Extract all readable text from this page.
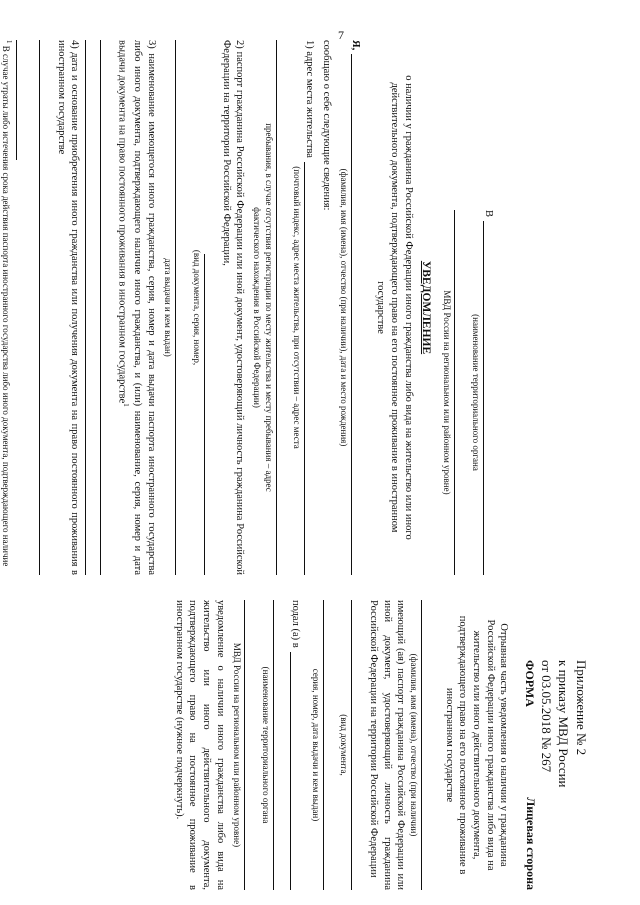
7
В
(наименование территориального органа
МВД России на региональном или районном уровне)
УВЕДОМЛЕНИЕ
о наличии у гражданина Российской Федерации иного гражданства либо вида на жительство или иного действительного документа, подтверждающего право на его постоянное проживание в иностранном государстве
Я,
(фамилия, имя (имена), отчество (при наличии), дата и место рождения)
сообщаю о себе следующие сведения:
1) адрес места жительства
(почтовый индекс, адрес места жительства, при отсутствии – адрес места
пребывания, в случае отсутствия регистрации по месту жительства и месту пребывания – адрес
фактического нахождения в Российской Федерации)
2) паспорт гражданина Российской Федерации или иной документ, удостоверяющий личность гражданина Российской Федерации на территории Российской Федерации,
(вид документа, серия, номер,
дата выдачи и кем выдан)
3) наименование имеющегося иного гражданства, серия, номер и дата выдачи паспорта иностранного государства либо иного документа, подтверждающего наличие иного гражданства, и (или) наименование, серия, номер и дата выдачи документа на право постоянного проживания в иностранном государстве$^1$
4) дата и основание приобретения иного гражданства или получения документа на право постоянного проживания в иностранном государстве
$^1$ В случае утраты либо истечения срока действия паспорта иностранного государства либо иного документа, подтверждающего наличие
Приложение № 2
к приказу МВД России
от 03.05.2018 № 267
ФОРМА
Лицевая сторона
Отрывная часть уведомления о наличии у гражданина Российской Федерации иного гражданства либо вида на жительство или иного действительного документа, подтверждающего право на его постоянное проживание в иностранном государстве
(фамилия, имя (имена), отчество (при наличии)
имеющий (ая) паспорт гражданина Российской Федерации или иной документ, удостоверяющий личность гражданина Российской Федерации на территории Российской Федерации
(вид документа,
серия, номер, дата выдачи и кем выдан)
подал (а) в
(наименование территориального органа
МВД России на региональном или районном уровне)
уведомление о наличии иного гражданства либо вида на жительство или иного действительного документа, подтверждающего право на постоянное проживание в иностранном государстве (нужное подчеркнуть).
